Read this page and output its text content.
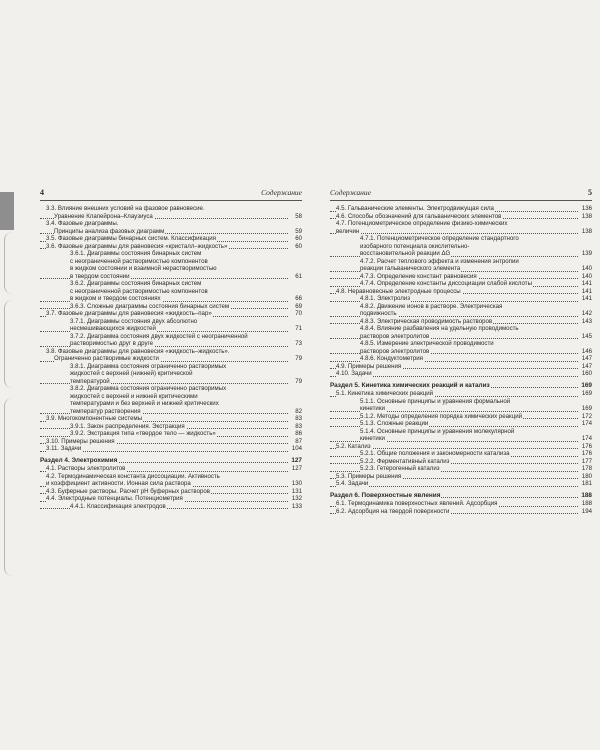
4	Содержание
3.3. Влияние внешних условий на фазовое равновесие.
Уравнение Клапейрона–Клаузиуса	58
3.4. Фазовые диаграммы.
Принципы анализа фазовых диаграмм	59
3.5. Фазовые диаграммы бинарных систем. Классификация	60
3.6. Фазовые диаграммы для равновесия «кристалл–жидкость»	60
3.6.1. Диаграммы состояния бинарных систем
с неограниченной растворимостью компонентов
в жидком состоянии и взаимной нерастворимостью
в твердом состоянии	61
3.6.2. Диаграммы состояния бинарных систем
с неограниченной растворимостью компонентов
в жидком и твердом состояниях	66
3.6.3. Сложные диаграммы состояния бинарных систем	69
3.7. Фазовые диаграммы для равновесия «жидкость–пар»	70
3.7.1. Диаграммы состояния двух абсолютно
несмешивающихся жидкостей	71
3.7.2. Диаграмма состояния двух жидкостей с неограниченной
растворимостью друг в друге	73
3.8. Фазовые диаграммы для равновесия «жидкость–жидкость».
Ограниченно растворимые жидкости	79
3.8.1. Диаграмма состояния ограниченно растворимых
жидкостей с верхней (нижней) критической
температурой	79
3.8.2. Диаграмма состояния ограниченно растворимых
жидкостей с верхней и нижней критическими
температурами и без верхней и нижней критических
температур растворения	82
3.9. Многокомпонентные системы	83
3.9.1. Закон распределения. Экстракция	83
3.9.2. Экстракция типа «твердое тело — жидкость»	86
3.10. Примеры решения	87
3.11. Задачи	104
Раздел 4. Электрохимия	127
4.1. Растворы электролитов	127
4.2. Термодинамическая константа диссоциации. Активность
и коэффициент активности. Ионная сила раствора	130
4.3. Буферные растворы. Расчет pH буферных растворов	131
4.4. Электродные потенциалы. Потенциометрия	132
4.4.1. Классификация электродов	133
Содержание	5
4.5. Гальванические элементы. Электродвижущая сила	136
4.6. Способы обозначений для гальванических элементов	138
4.7. Потенциометрическое определение физико-химических
величин	138
4.7.1. Потенциометрическое определение стандартного
изобарного потенциала окислительно-
восстановительной реакции ΔG	139
4.7.2. Расчет теплового эффекта и изменения энтропии
реакции гальванического элемента	140
4.7.3. Определение констант равновесия	140
4.7.4. Определение константы диссоциации слабой кислоты	141
4.8. Неравновесные электродные процессы	141
4.8.1. Электролиз	141
4.8.2. Движение ионов в растворе. Электрическая
подвижность	142
4.8.3. Электрическая проводимость растворов	143
4.8.4. Влияние разбавления на удельную проводимость
растворов электролитов	145
4.8.5. Измерение электрической проводимости
растворов электролитов	146
4.8.6. Кондуктометрия	147
4.9. Примеры решения	147
4.10. Задачи	160
Раздел 5. Кинетика химических реакций и катализ	169
5.1. Кинетика химических реакций	169
5.1.1. Основные принципы и уравнения формальной
кинетики	169
5.1.2. Методы определения порядка химических реакций	172
5.1.3. Сложные реакции	174
5.1.4. Основные принципы и уравнения молекулярной
кинетики	174
5.2. Катализ	176
5.2.1. Общие положения и закономерности катализа	176
5.2.2. Ферментативный катализ	177
5.2.3. Гетерогенный катализ	178
5.3. Примеры решения	180
5.4. Задачи	181
Раздел 6. Поверхностные явления	188
6.1. Термодинамика поверхностных явлений. Адсорбция	188
6.2. Адсорбция на твердой поверхности	194
